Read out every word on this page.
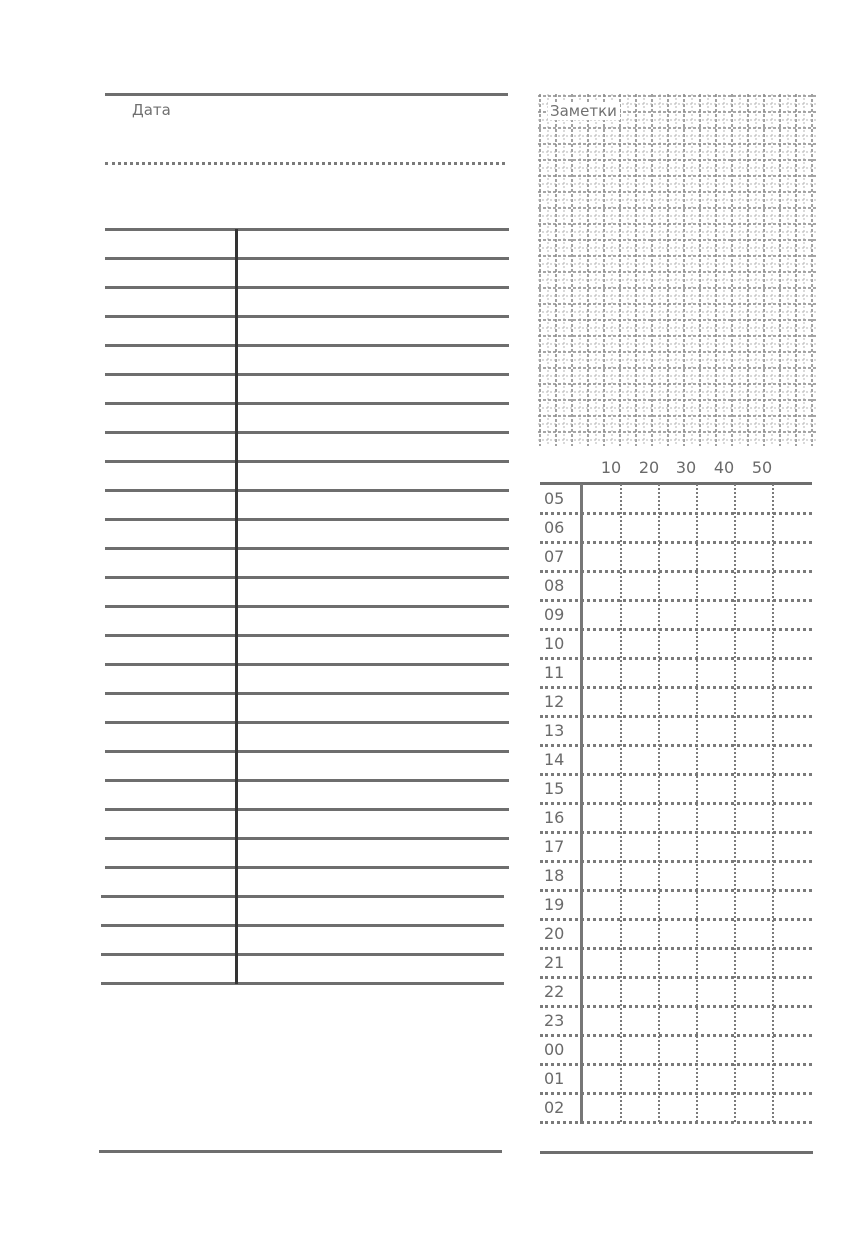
Дата	Заметки
10	20	30	40	50
05
06
07
08
09
10
11
12
13
14
15
16
17
18
19
20
21
22
23
00
01
02
